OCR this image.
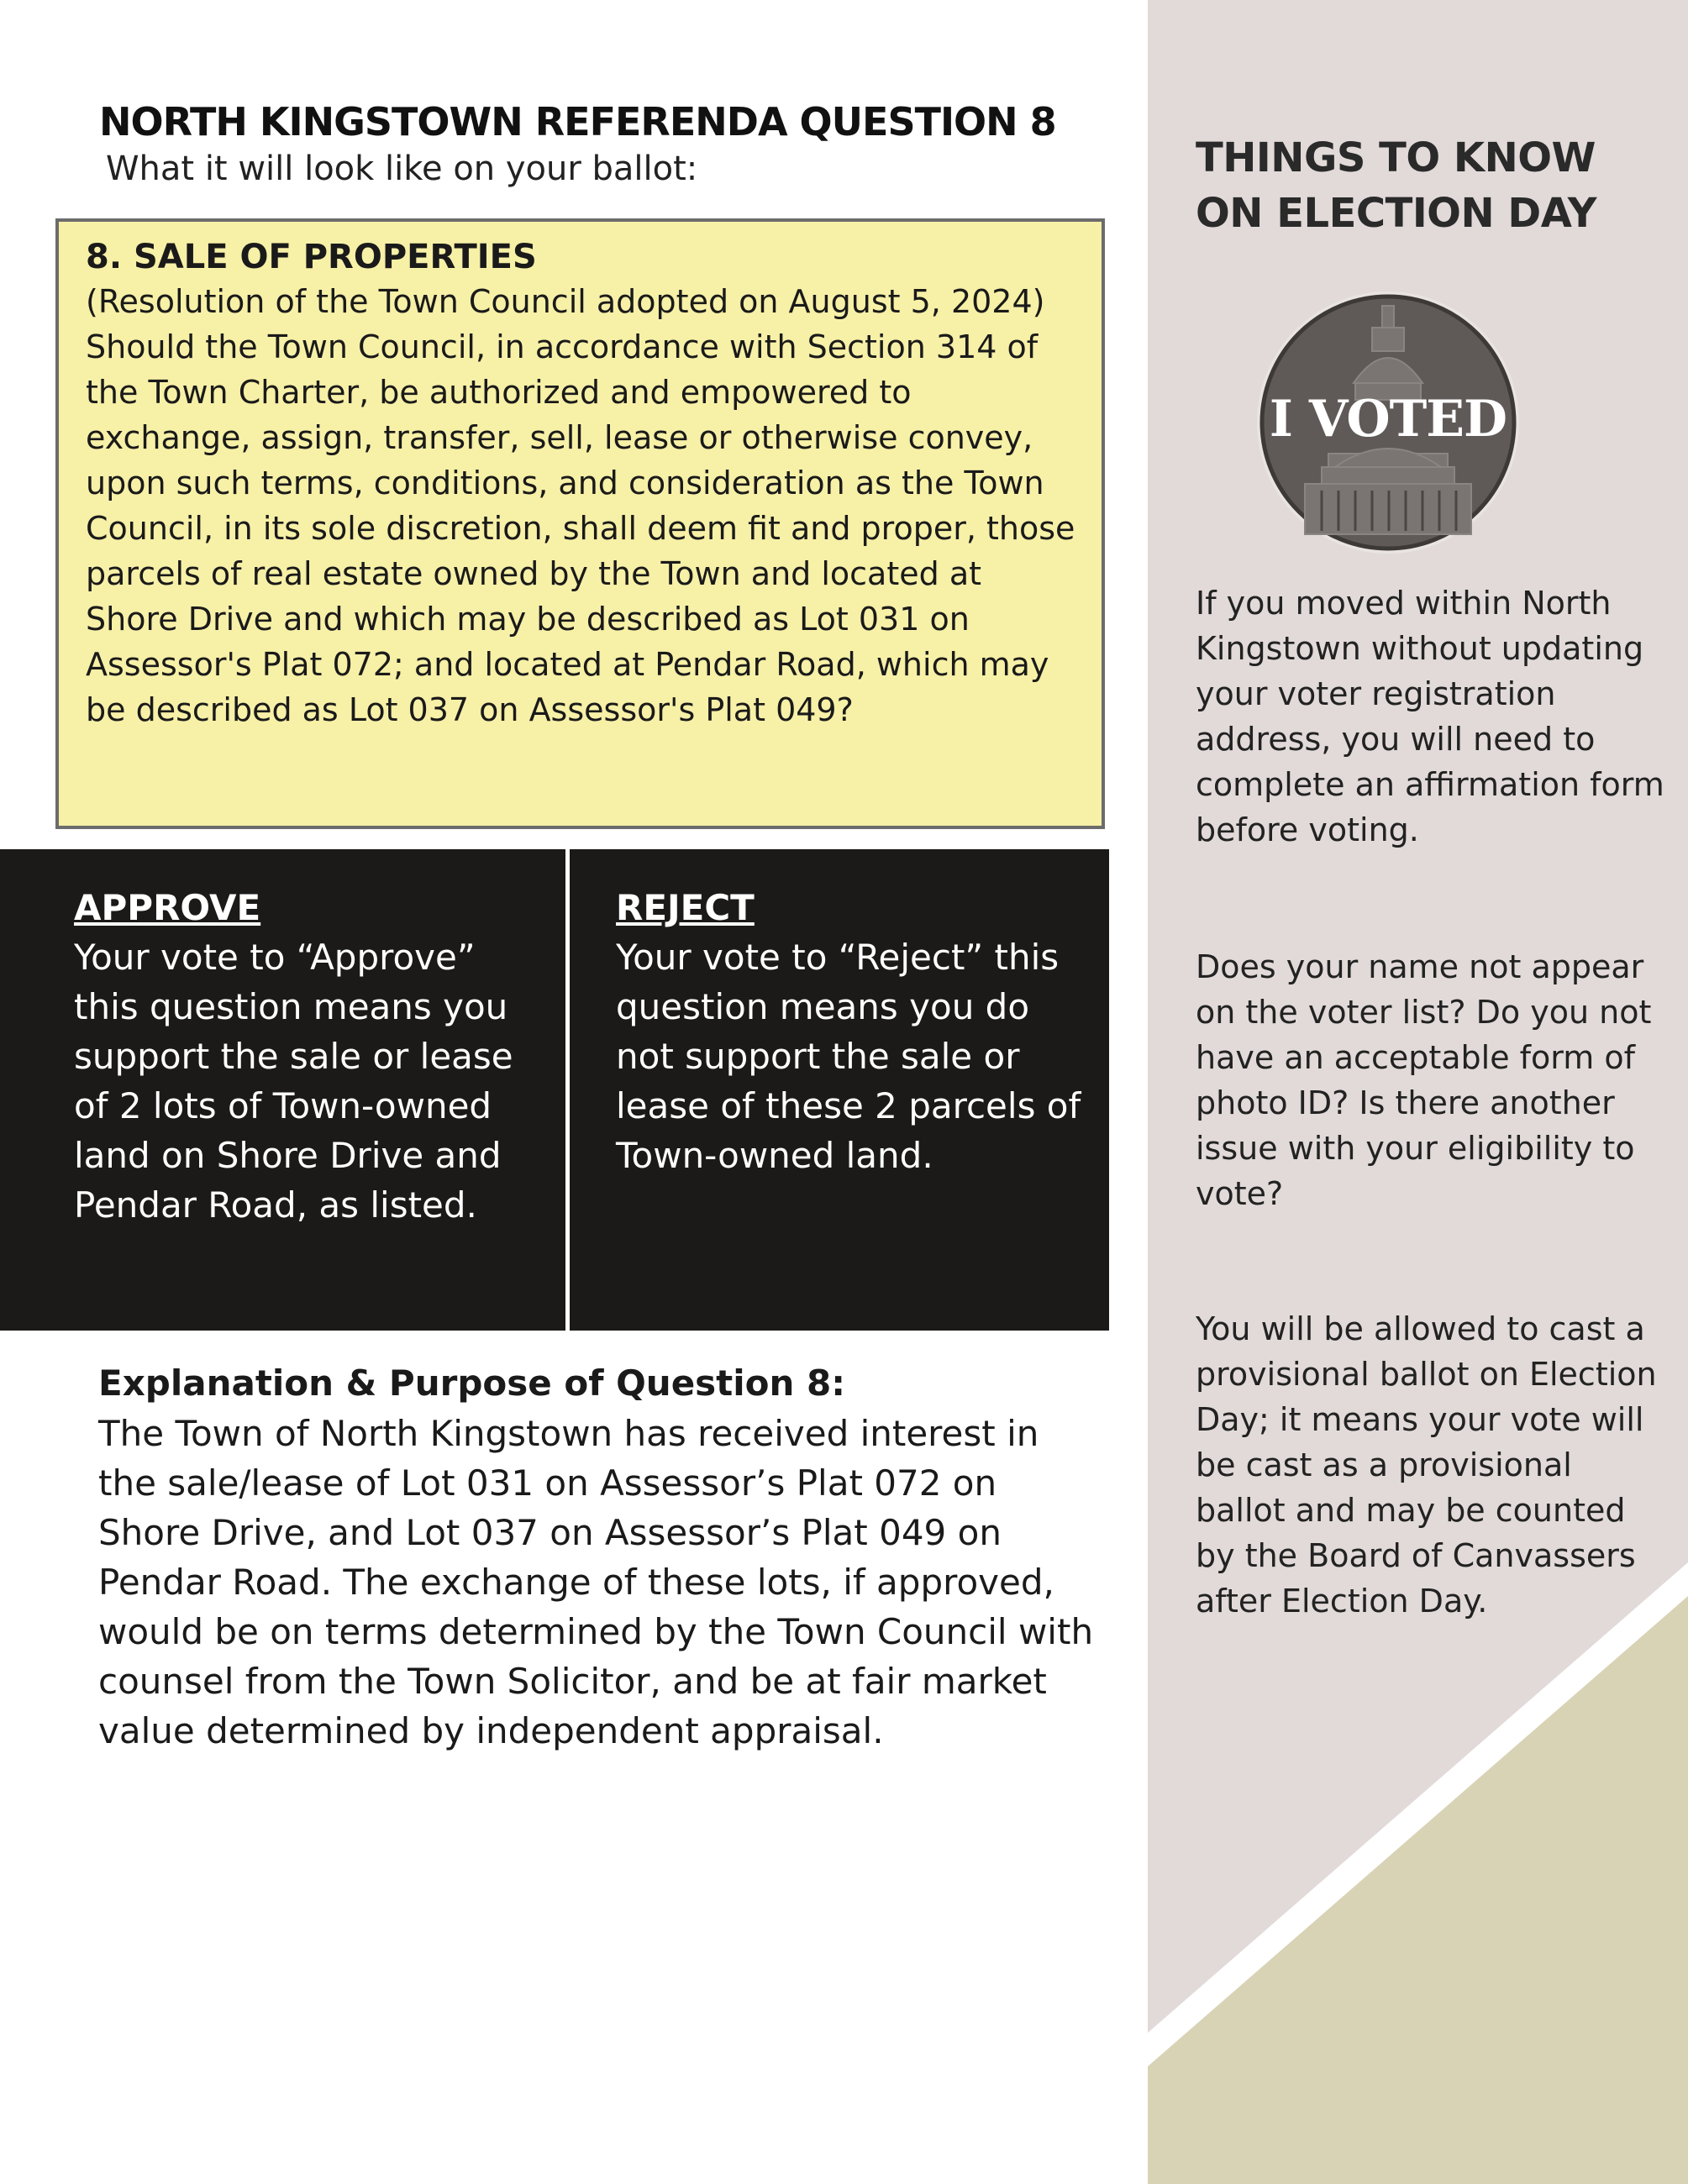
NORTH KINGSTOWN REFERENDA QUESTION 8
What it will look like on your ballot:
8. SALE OF PROPERTIES
(Resolution of the Town Council adopted on August 5, 2024)
Should the Town Council, in accordance with Section 314 of the Town Charter, be authorized and empowered to exchange, assign, transfer, sell, lease or otherwise convey, upon such terms, conditions, and consideration as the Town Council, in its sole discretion, shall deem fit and proper, those parcels of real estate owned by the Town and located at Shore Drive and which may be described as Lot 031 on Assessor's Plat 072; and located at Pendar Road, which may be described as Lot 037 on Assessor's Plat 049?
APPROVE
Your vote to “Approve” this question means you support the sale or lease of 2 lots of Town-owned land on Shore Drive and Pendar Road, as listed.
REJECT
Your vote to “Reject” this question means you do not support the sale or lease of these 2 parcels of Town-owned land.
Explanation & Purpose of Question 8:
The Town of North Kingstown has received interest in the sale/lease of Lot 031 on Assessor’s Plat 072 on Shore Drive, and Lot 037 on Assessor’s Plat 049 on Pendar Road. The exchange of these lots, if approved, would be on terms determined by the Town Council with counsel from the Town Solicitor, and be at fair market value determined by independent appraisal.
THINGS TO KNOW
ON ELECTION DAY
I VOTED
If you moved within North Kingstown without updating your voter registration address, you will need to complete an affirmation form before voting.
Does your name not appear on the voter list? Do you not have an acceptable form of photo ID? Is there another issue with your eligibility to vote?
You will be allowed to cast a provisional ballot on Election Day; it means your vote will be cast as a provisional ballot and may be counted by the Board of Canvassers after Election Day.
